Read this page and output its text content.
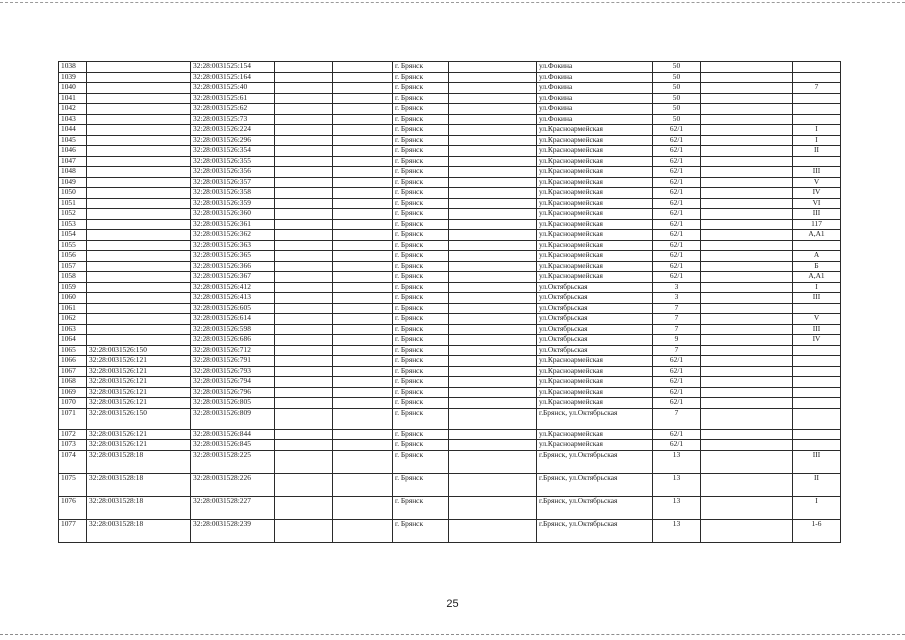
1038		32:28:0031525:154			г. Брянск		ул.Фокина	50		
1039		32:28:0031525:164			г. Брянск		ул.Фокина	50		
1040		32:28:0031525:40			г. Брянск		ул.Фокина	50		7
1041		32:28:0031525:61			г. Брянск		ул.Фокина	50		
1042		32:28:0031525:62			г. Брянск		ул.Фокина	50		
1043		32:28:0031525:73			г. Брянск		ул.Фокина	50		
1044		32:28:0031526:224			г. Брянск		ул.Красноармейская	62/1		I
1045		32:28:0031526:296			г. Брянск		ул.Красноармейская	62/1		I
1046		32:28:0031526:354			г. Брянск		ул.Красноармейская	62/1		II
1047		32:28:0031526:355			г. Брянск		ул.Красноармейская	62/1		
1048		32:28:0031526:356			г. Брянск		ул.Красноармейская	62/1		III
1049		32:28:0031526:357			г. Брянск		ул.Красноармейская	62/1		V
1050		32:28:0031526:358			г. Брянск		ул.Красноармейская	62/1		IV
1051		32:28:0031526:359			г. Брянск		ул.Красноармейская	62/1		VI
1052		32:28:0031526:360			г. Брянск		ул.Красноармейская	62/1		III
1053		32:28:0031526:361			г. Брянск		ул.Красноармейская	62/1		117
1054		32:28:0031526:362			г. Брянск		ул.Красноармейская	62/1		А,А1
1055		32:28:0031526:363			г. Брянск		ул.Красноармейская	62/1		
1056		32:28:0031526:365			г. Брянск		ул.Красноармейская	62/1		А
1057		32:28:0031526:366			г. Брянск		ул.Красноармейская	62/1		Б
1058		32:28:0031526:367			г. Брянск		ул.Красноармейская	62/1		А,А1
1059		32:28:0031526:412			г. Брянск		ул.Октябрьская	3		I
1060		32:28:0031526:413			г. Брянск		ул.Октябрьская	3		III
1061		32:28:0031526:605			г. Брянск		ул.Октябрьская	7		
1062		32:28:0031526:614			г. Брянск		ул.Октябрьская	7		V
1063		32:28:0031526:598			г. Брянск		ул.Октябрьская	7		III
1064		32:28:0031526:686			г. Брянск		ул.Октябрьская	9		IV
1065	32:28:0031526:150	32:28:0031526:712			г. Брянск		ул.Октябрьская	7		
1066	32:28:0031526:121	32:28:0031526:791			г. Брянск		ул.Красноармейская	62/1		
1067	32:28:0031526:121	32:28:0031526:793			г. Брянск		ул.Красноармейская	62/1		
1068	32:28:0031526:121	32:28:0031526:794			г. Брянск		ул.Красноармейская	62/1		
1069	32:28:0031526:121	32:28:0031526:796			г. Брянск		ул.Красноармейская	62/1		
1070	32:28:0031526:121	32:28:0031526:805			г. Брянск		ул.Красноармейская	62/1		
1071	32:28:0031526:150	32:28:0031526:809			г. Брянск		г.Брянск, ул.Октябрьская	7		
1072	32:28:0031526:121	32:28:0031526:844			г. Брянск		ул.Красноармейская	62/1		
1073	32:28:0031526:121	32:28:0031526:845			г. Брянск		ул.Красноармейская	62/1		
1074	32:28:0031528:18	32:28:0031528:225			г. Брянск		г.Брянск, ул.Октябрьская	13		III
1075	32:28:0031528:18	32:28:0031528:226			г. Брянск		г.Брянск, ул.Октябрьская	13		II
1076	32:28:0031528:18	32:28:0031528:227			г. Брянск		г.Брянск, ул.Октябрьская	13		I
1077	32:28:0031528:18	32:28:0031528:239			г. Брянск		г.Брянск, ул.Октябрьская	13		1-6
25
